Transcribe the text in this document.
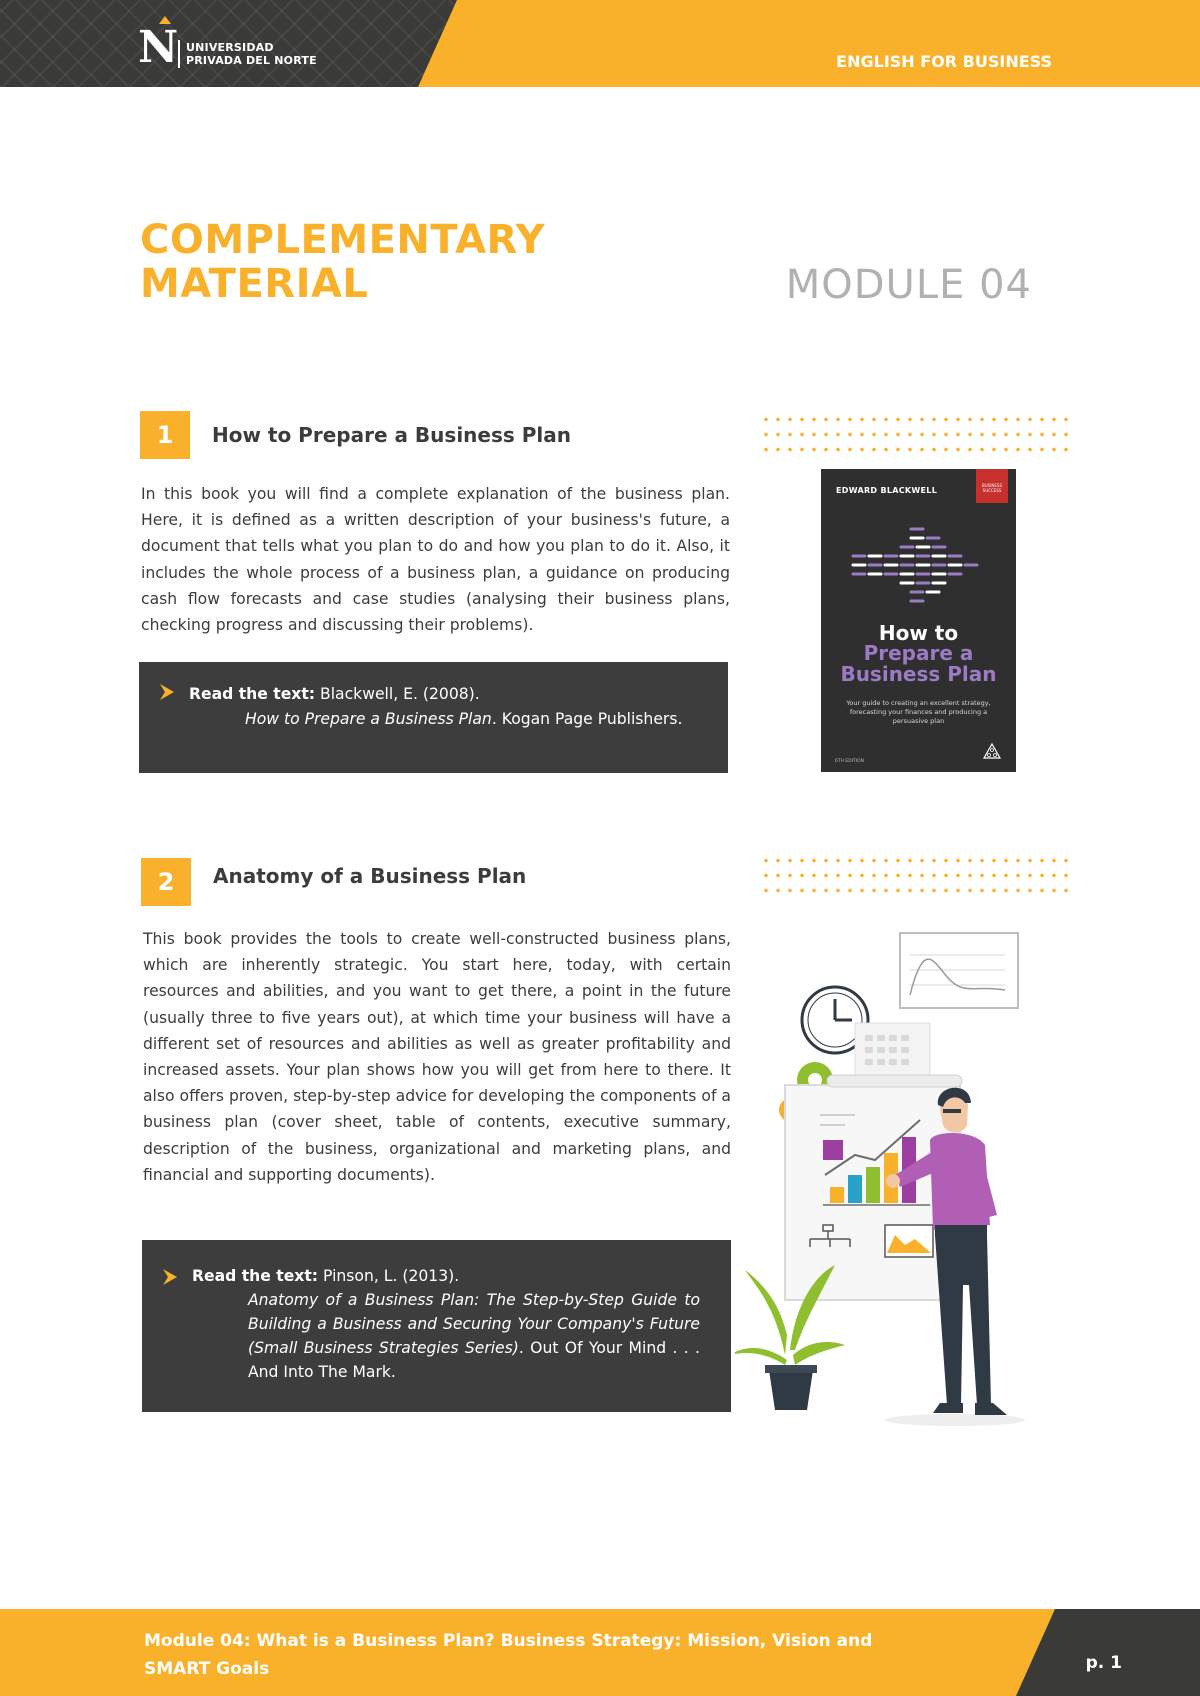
N UNIVERSIDAD
PRIVADA DEL NORTE	ENGLISH FOR BUSINESS
COMPLEMENTARY
MATERIAL	MODULE 04
1	How to Prepare a Business Plan
In this book you will find a complete explanation of the business plan. Here, it is defined as a written description of your business's future, a document that tells what you plan to do and how you plan to do it. Also, it includes the whole process of a business plan, a guidance on producing cash flow forecasts and case studies (analysing their business plans, checking progress and discussing their problems).
Read the text: Blackwell, E. (2008).
How to Prepare a Business Plan. Kogan Page Publishers.
EDWARD BLACKWELL
BUSINESS SUCCESS
How to
Prepare a
Business Plan
Your guide to creating an excellent strategy, forecasting your finances and producing a persuasive plan
6TH EDITION
2	Anatomy of a Business Plan
This book provides the tools to create well-constructed business plans, which are inherently strategic. You start here, today, with certain resources and abilities, and you want to get there, a point in the future (usually three to five years out), at which time your business will have a different set of resources and abilities as well as greater profitability and increased assets. Your plan shows how you will get from here to there. It also offers proven, step-by-step advice for developing the components of a business plan (cover sheet, table of contents, executive summary, description of the business, organizational and marketing plans, and financial and supporting documents).
Read the text: Pinson, L. (2013).
Anatomy of a Business Plan: The Step-by-Step Guide to Building a Business and Securing Your Company's Future (Small Business Strategies Series). Out Of Your Mind . . . And Into The Mark.
Module 04: What is a Business Plan? Business Strategy: Mission, Vision and SMART Goals	p. 1
